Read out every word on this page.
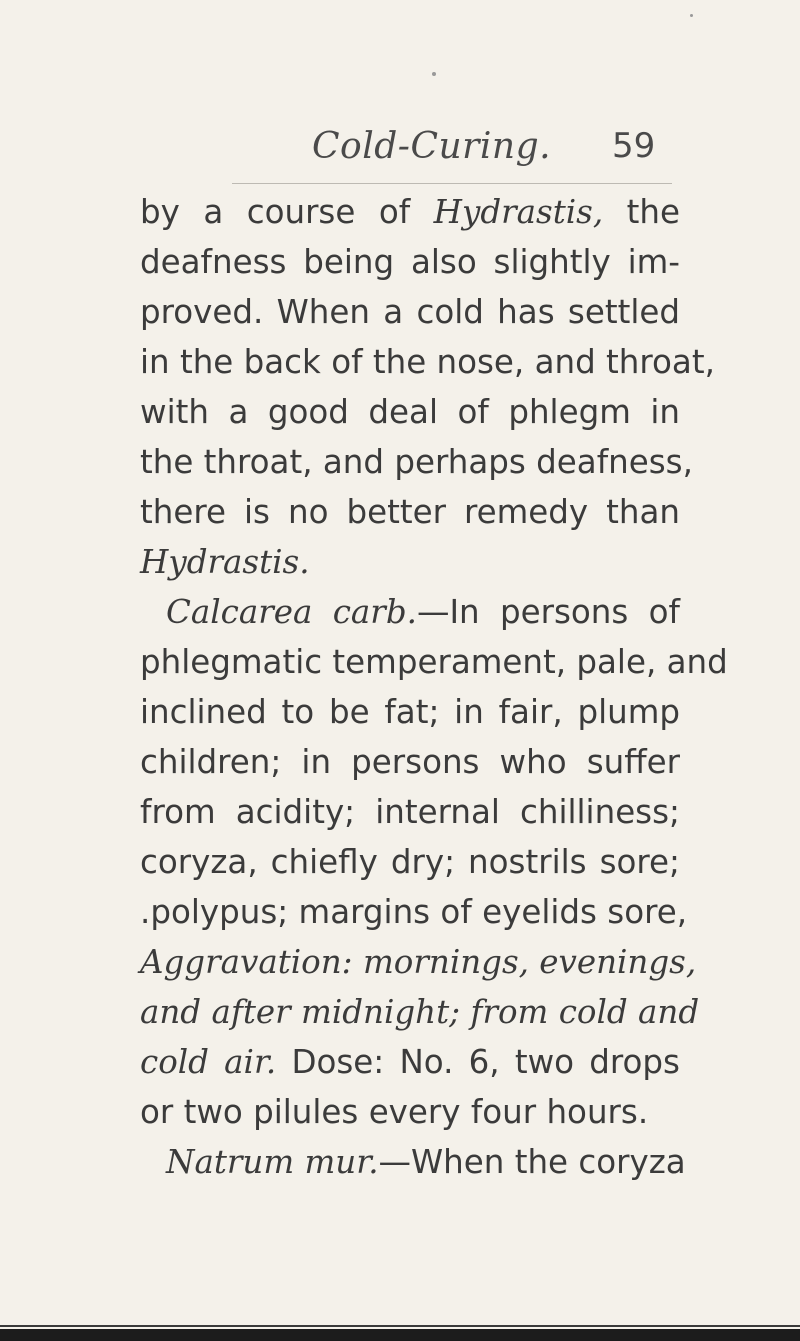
Cold-Curing. 59
by a course of Hydrastis, the
deafness being also slightly im-
proved. When a cold has settled
in the back of the nose, and throat,
with a good deal of phlegm in
the throat, and perhaps deafness,
there is no better remedy than
Hydrastis.
Calcarea carb.—In persons of
phlegmatic temperament, pale, and
inclined to be fat; in fair, plump
children; in persons who suffer
from acidity; internal chilliness;
coryza, chiefly dry; nostrils sore;
.polypus; margins of eyelids sore,
Aggravation: mornings, evenings,
and after midnight; from cold and
cold air. Dose: No. 6, two drops
or two pilules every four hours.
Natrum mur.—When the coryza
